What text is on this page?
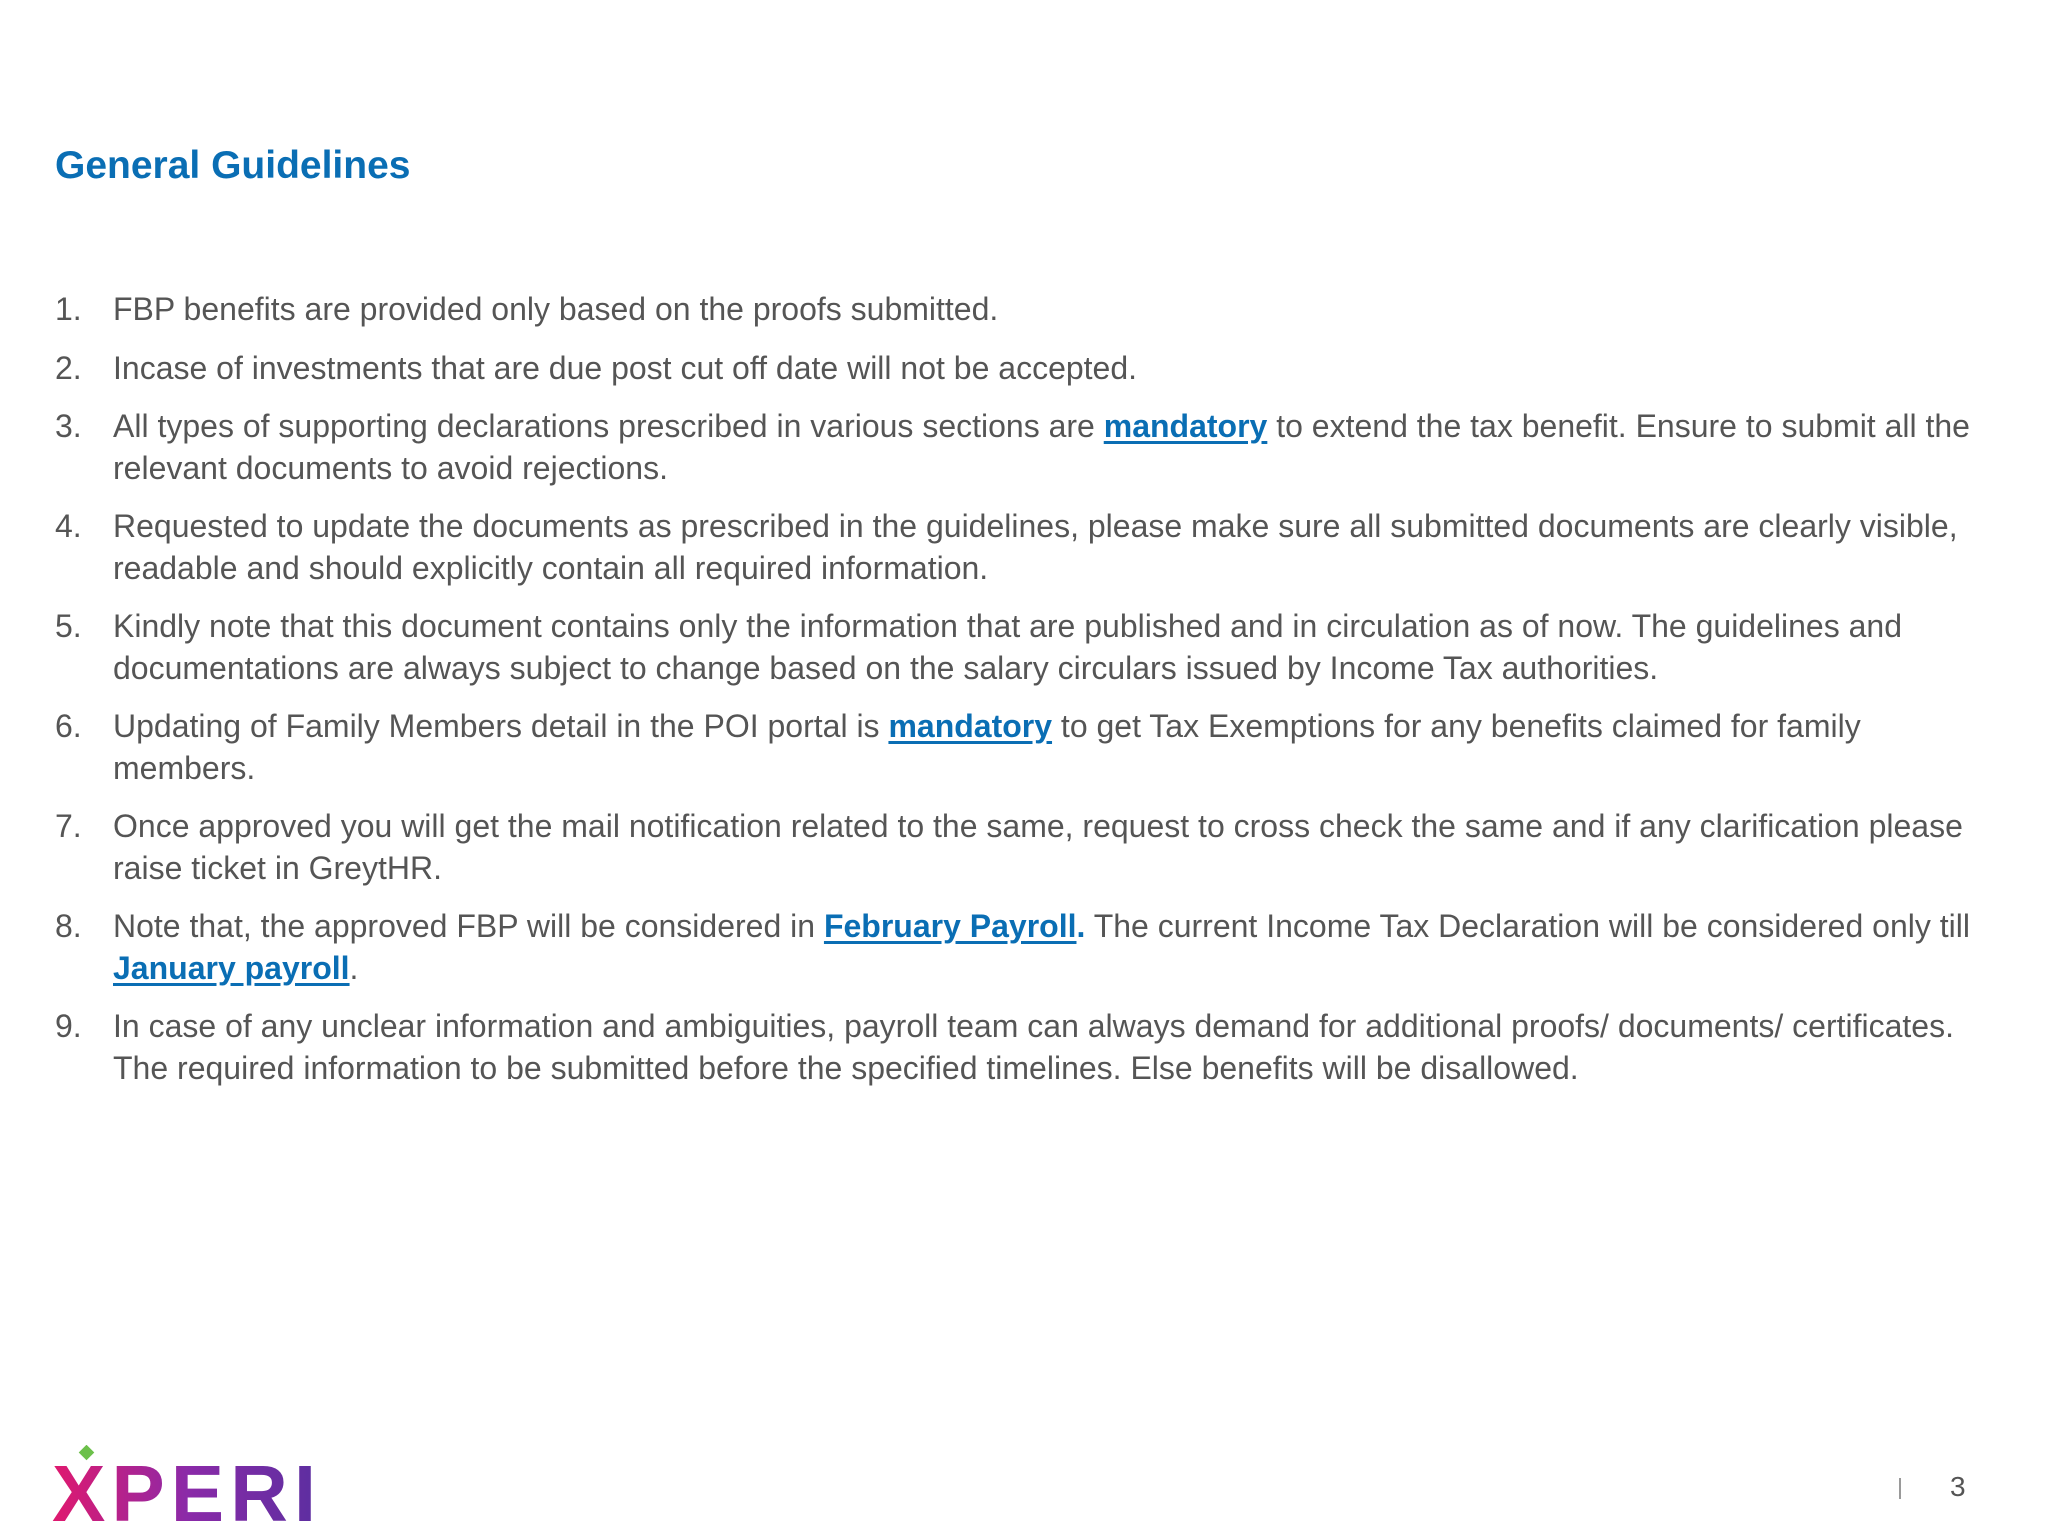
General Guidelines
1. FBP benefits are provided only based on the proofs submitted.
2. Incase of investments that are due post cut off date will not be accepted.
3. All types of supporting declarations prescribed in various sections are mandatory to extend the tax benefit. Ensure to submit all the relevant documents to avoid rejections.
4. Requested to update the documents as prescribed in the guidelines, please make sure all submitted documents are clearly visible, readable and should explicitly contain all required information.
5. Kindly note that this document contains only the information that are published and in circulation as of now. The guidelines and documentations are always subject to change based on the salary circulars issued by Income Tax authorities.
6. Updating of Family Members detail in the POI portal is mandatory to get Tax Exemptions for any benefits claimed for family members.
7. Once approved you will get the mail notification related to the same, request to cross check the same and if any clarification please raise ticket in GreytHR.
8. Note that, the approved FBP will be considered in February Payroll. The current Income Tax Declaration will be considered only till January payroll.
9. In case of any unclear information and ambiguities, payroll team can always demand for additional proofs/ documents/ certificates. The required information to be submitted before the specified timelines. Else benefits will be disallowed.
XPERI	3
